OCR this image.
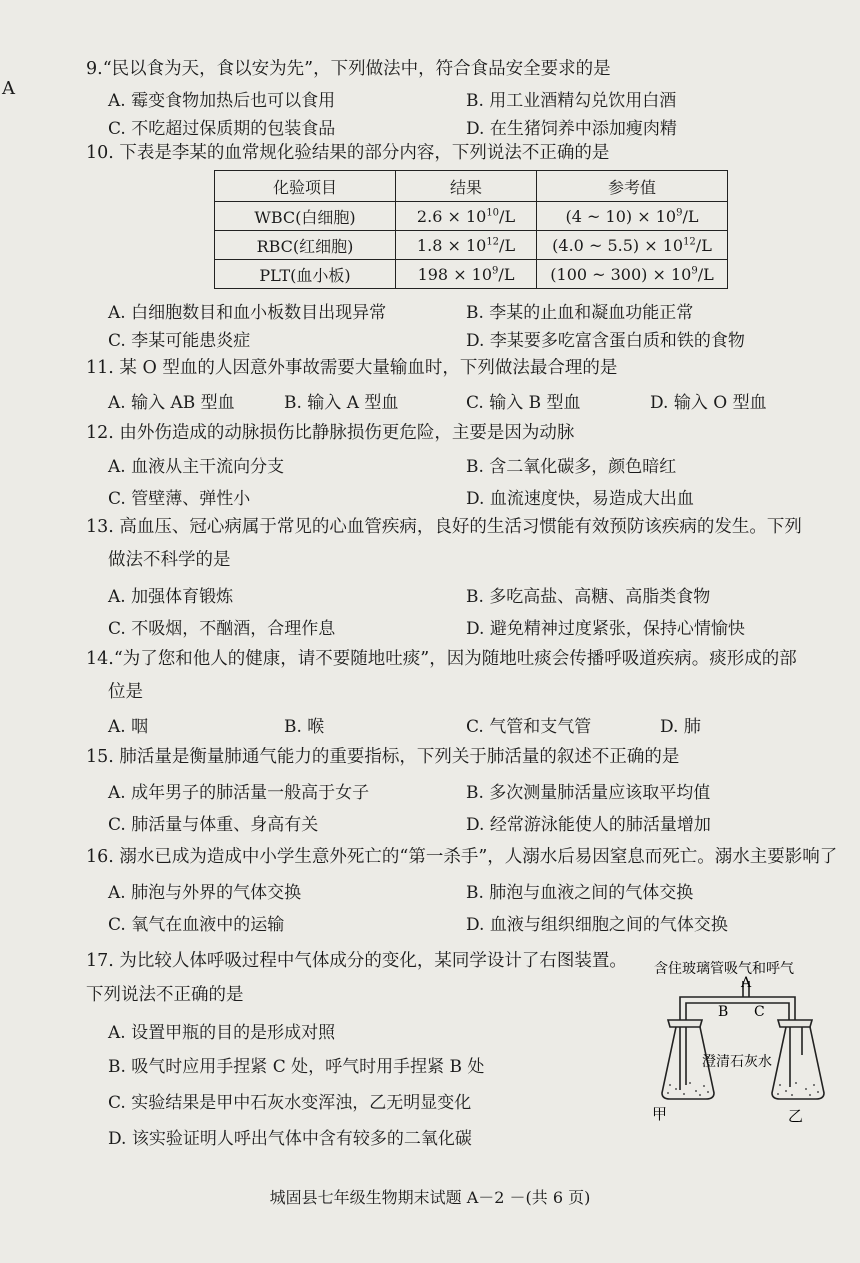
A
9.“民以食为天，食以安为先”，下列做法中，符合食品安全要求的是
A. 霉变食物加热后也可以食用	B. 用工业酒精勾兑饮用白酒
C. 不吃超过保质期的包装食品	D. 在生猪饲养中添加瘦肉精
10. 下表是李某的血常规化验结果的部分内容，下列说法不正确的是
化验项目	结果	参考值
WBC(白细胞)	$2.6 \times 10^{10}/L$	(4 ~ $10) \times 10^9/L$
RBC(红细胞)	$1.8 \times 10^{12}/L$	(4.0 ~ $5.5) \times 10^{12}/L$
PLT(血小板)	$198 \times 10^9/L$	(100 ~ $300) \times 10^9/L$
A. 白细胞数目和血小板数目出现异常	B. 李某的止血和凝血功能正常
C. 李某可能患炎症	D. 李某要多吃富含蛋白质和铁的食物
11. 某 O 型血的人因意外事故需要大量输血时，下列做法最合理的是
A. 输入 AB 型血	B. 输入 A 型血	C. 输入 B 型血	D. 输入 O 型血
12. 由外伤造成的动脉损伤比静脉损伤更危险，主要是因为动脉
A. 血液从主干流向分支	B. 含二氧化碳多，颜色暗红
C. 管壁薄、弹性小	D. 血流速度快，易造成大出血
13. 高血压、冠心病属于常见的心血管疾病，良好的生活习惯能有效预防该疾病的发生。下列
做法不科学的是
A. 加强体育锻炼	B. 多吃高盐、高糖、高脂类食物
C. 不吸烟，不酗酒，合理作息	D. 避免精神过度紧张，保持心情愉快
14.“为了您和他人的健康，请不要随地吐痰”，因为随地吐痰会传播呼吸道疾病。痰形成的部
位是
A. 咽	B. 喉	C. 气管和支气管	D. 肺
15. 肺活量是衡量肺通气能力的重要指标，下列关于肺活量的叙述不正确的是
A. 成年男子的肺活量一般高于女子	B. 多次测量肺活量应该取平均值
C. 肺活量与体重、身高有关	D. 经常游泳能使人的肺活量增加
16. 溺水已成为造成中小学生意外死亡的“第一杀手”，人溺水后易因窒息而死亡。溺水主要影响了
A. 肺泡与外界的气体交换	B. 肺泡与血液之间的气体交换
C. 氧气在血液中的运输	D. 血液与组织细胞之间的气体交换
17. 为比较人体呼吸过程中气体成分的变化，某同学设计了右图装置。
下列说法不正确的是
A. 设置甲瓶的目的是形成对照
B. 吸气时应用手捏紧 C 处，呼气时用手捏紧 B 处
C. 实验结果是甲中石灰水变浑浊，乙无明显变化
D. 该实验证明人呼出气体中含有较多的二氧化碳
含住玻璃管吸气和呼气
A
B C
澄清石灰水
甲	乙
城固县七年级生物期末试题 A－2 －(共 6 页)
